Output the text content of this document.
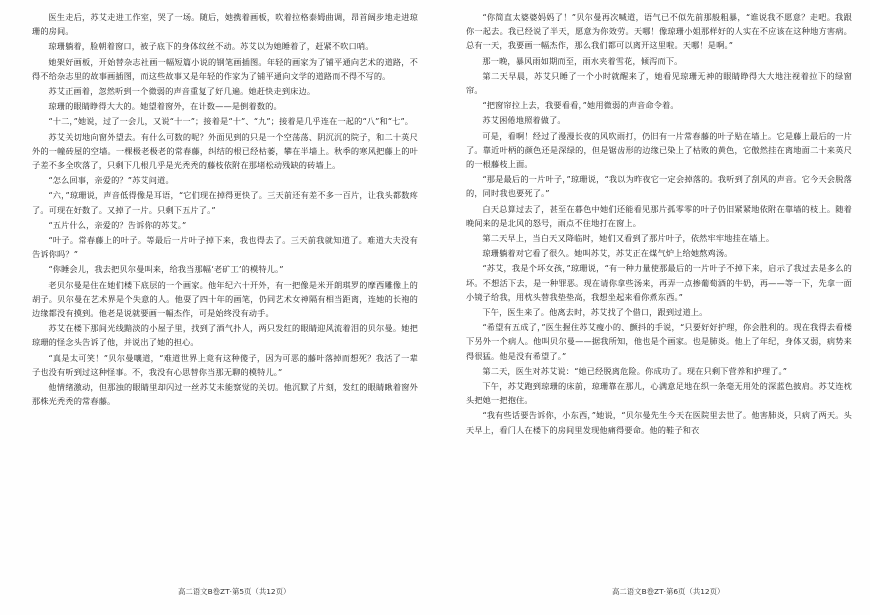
医生走后，苏艾走进工作室，哭了一场。随后，她携着画板，吹着拉格泰姆曲调，昂首阔步地走进琼珊的房间。

琼珊躺着，脸朝着窗口，被子底下的身体纹丝不动。苏艾以为她睡着了，赶紧不吹口哨。

她架好画板，开始替杂志社画一幅短篇小说的钢笔画插图。年轻的画家为了铺平通向艺术的道路，不得不给杂志里的故事画插图，而这些故事又是年轻的作家为了铺平通向文学的道路而不得不写的。

苏艾正画着，忽然听到一个微弱的声音重复了好几遍。她赶快走到床边。

琼珊的眼睛睁得大大的。她望着窗外，在计数——是倒着数的。

“十二，”她说，过了一会儿，又说“十一”；接着是“十”、“九”；接着是几乎连在一起的“八”和“七”。

苏艾关切地向窗外望去。有什么可数的呢？外面见到的只是一个空荡荡、阴沉沉的院子，和二十英尺外的一幢砖屋的空墙。一棵极老极老的常春藤，纠结的根已经枯萎，攀在半墙上。秋季的寒风把藤上的叶子差不多全吹落了，只剩下几根几乎是光秃秃的藤枝依附在那堵松动残缺的砖墙上。

“怎么回事，亲爱的？”苏艾问道。

“六，”琼珊说，声音低得像是耳语，“它们现在掉得更快了。三天前还有差不多一百片，让我头都数疼了。可现在好数了。又掉了一片。只剩下五片了。”

“五片什么，亲爱的？告诉你的苏艾。”

“叶子。常春藤上的叶子。等最后一片叶子掉下来，我也得去了。三天前我就知道了。难道大夫没有告诉你吗？”

“你睡会儿，我去把贝尔曼叫来，给我当那幅‘老矿工’的模特儿。”

老贝尔曼是住在她们楼下底层的一个画家。他年纪六十开外，有一把像是米开朗琪罗的摩西雕像上的胡子。贝尔曼在艺术界是个失意的人。他耍了四十年的画笔，仍同艺术女神隔有相当距离，连她的长袍的边缘都没有摸到。他老是说就要画一幅杰作，可是始终没有动手。

苏艾在楼下那间光线黯淡的小屋子里，找到了酒气扑人，两只发红的眼睛迎风流着泪的贝尔曼。她把琼珊的怪念头告诉了他，并说出了她的担心。

“真是太可笑！”贝尔曼嚷道，“难道世界上竟有这种傻子，因为可恶的藤叶落掉而想死？我活了一辈子也没有听到过这种怪事。不，我没有心思替你当那无聊的模特儿。”

他情绪激动，但那浊的眼睛里却闪过一丝苏艾未能察觉的关切。他沉默了片刻，发红的眼睛瞅着窗外那株光秃秃的常春藤。

“你简直太婆婆妈妈了！”贝尔曼再次喊道，语气已不似先前那般粗暴，“谁说我不愿意？走吧。我跟你一起去。我已经说了半天，愿意为你效劳。天哪！像琼珊小姐那样好的人实在不应该在这种地方害病。总有一天，我要画一幅杰作，那么我们都可以离开这里啦。天哪！是啊。”

那一晚，暴风雨如期而至，雨水夹着雪花，倾泻而下。

第二天早晨，苏艾只睡了一个小时就醒来了，她看见琼珊无神的眼睛睁得大大地注视着拉下的绿窗帘。

“把窗帘拉上去，我要看看，”她用微弱的声音命令着。

苏艾困倦地照着做了。

可是，看啊！经过了漫漫长夜的风吹雨打，仍旧有一片常春藤的叶子贴在墙上。它是藤上最后的一片了。靠近叶柄的颜色还是深绿的，但是锯齿形的边缘已染上了枯败的黄色，它傲然挂在离地面二十来英尺的一根藤枝上面。

“那是最后的一片叶子，”琼珊说，“我以为昨夜它一定会掉落的。我听到了刮风的声音。它今天会脱落的，同时我也要死了。”

白天总算过去了，甚至在暮色中她们还能看见那片孤零零的叶子仍旧紧紧地依附在靠墙的枝上。随着晚间来的是北风的怒号，雨点不住地打在窗上。

第二天早上，当白天又降临时，她们又看到了那片叶子，依然牢牢地挂在墙上。

琼珊躺着对它看了很久。她叫苏艾，苏艾正在煤气炉上给她熬鸡汤。

“苏艾，我是个坏女孩，”琼珊说，“有一种力量使那最后的一片叶子不掉下来，启示了我过去是多么的坏。不想活下去，是一种罪恶。现在请你拿些汤来，再弄一点掺葡萄酒的牛奶，再——等一下，先拿一面小镜子给我，用枕头替我垫垫高，我想坐起来看你煮东西。”

下午，医生来了。他离去时，苏艾找了个借口，跟到过道上。

“希望有五成了，”医生握住苏艾瘦小的、颤抖的手说，“只要好好护理，你会胜利的。现在我得去看楼下另外一个病人。他叫贝尔曼——据我所知，他也是个画家。也是肺炎。他上了年纪，身体又弱，病势来得很猛。他是没有希望了。”

第二天，医生对苏艾说：“她已经脱离危险。你成功了。现在只剩下营养和护理了。”

下午，苏艾跑到琼珊的床前，琼珊靠在那儿，心满意足地在织一条毫无用处的深蓝色披肩。苏艾连枕头把她一把抱住。

“我有些话要告诉你，小东西，”她说，“贝尔曼先生今天在医院里去世了。他害肺炎，只病了两天。头天早上，看门人在楼下的房间里发现他痛得要命。他的鞋子和衣

高二语文B卷ZT·第5页（共12页）	高二语文B卷ZT·第6页（共12页）
